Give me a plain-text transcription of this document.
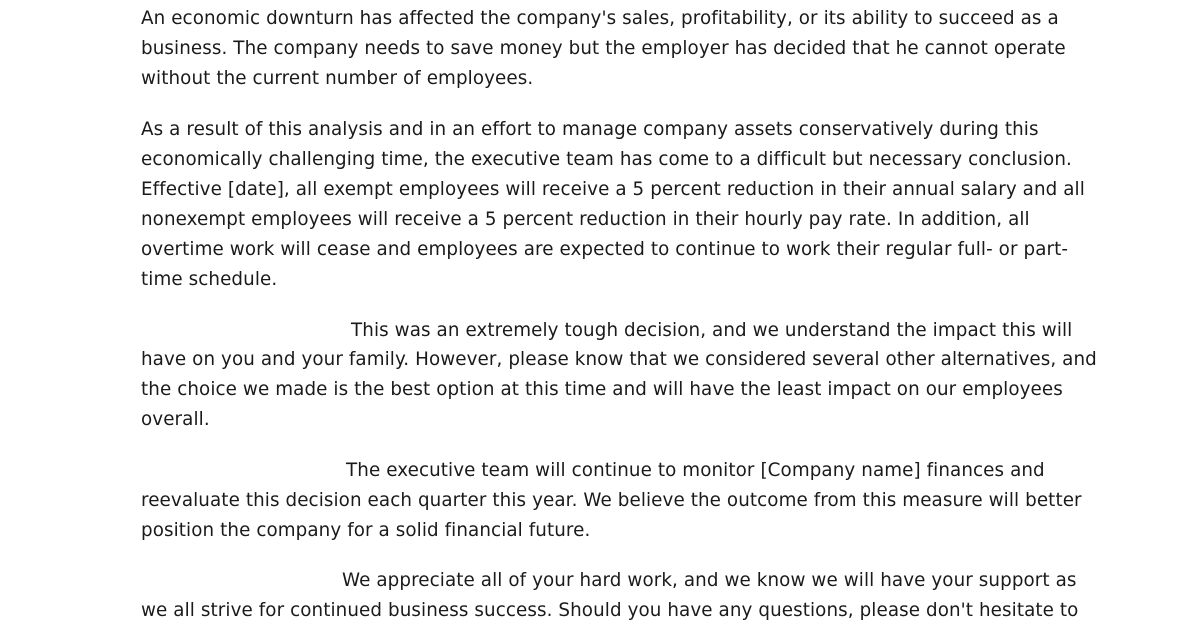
An economic downturn has affected the company's sales, profitability, or its ability to succeed as a

business. The company needs to save money but the employer has decided that he cannot operate

without the current number of employees.

As a result of this analysis and in an effort to manage company assets conservatively during this

economically challenging time, the executive team has come to a difficult but necessary conclusion.

Effective [date], all exempt employees will receive a 5 percent reduction in their annual salary and all

nonexempt employees will receive a 5 percent reduction in their hourly pay rate. In addition, all

overtime work will cease and employees are expected to continue to work their regular full- or part-

time schedule.

This was an extremely tough decision, and we understand the impact this will

have on you and your family. However, please know that we considered several other alternatives, and

the choice we made is the best option at this time and will have the least impact on our employees

overall.

The executive team will continue to monitor [Company name] finances and

reevaluate this decision each quarter this year. We believe the outcome from this measure will better

position the company for a solid financial future.

We appreciate all of your hard work, and we know we will have your support as

we all strive for continued business success. Should you have any questions, please don't hesitate to
